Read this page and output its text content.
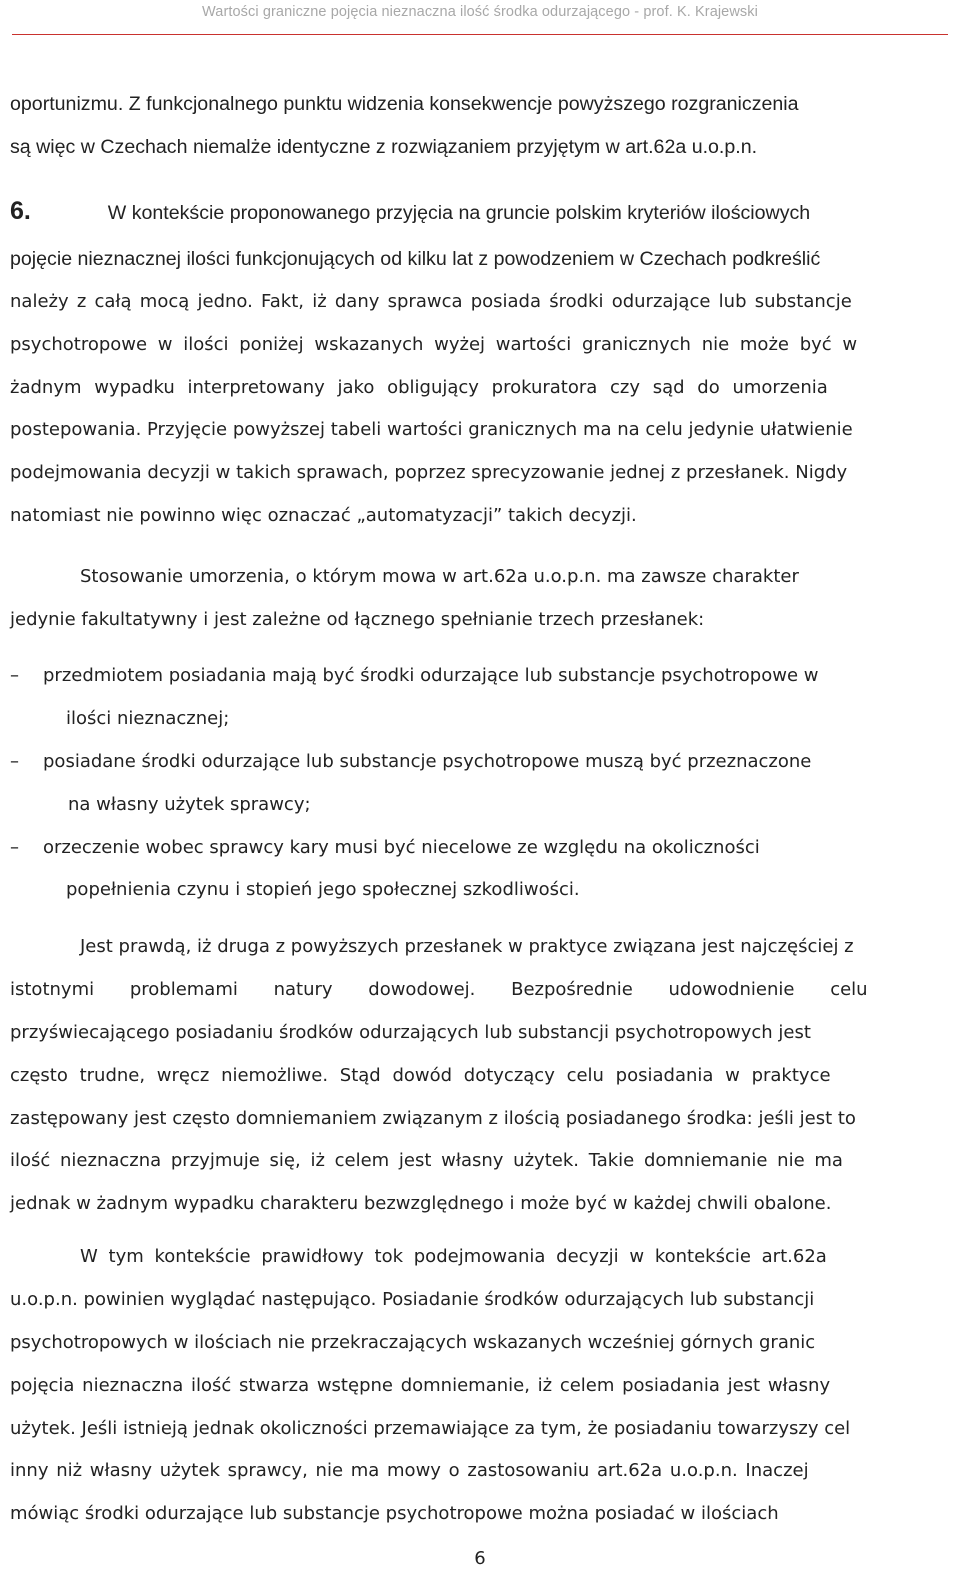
Wartości graniczne pojęcia nieznaczna ilość środka odurzającego - prof. K. Krajewski
oportunizmu. Z funkcjonalnego punktu widzenia konsekwencje powyższego rozgraniczenia
są więc w Czechach niemalże identyczne z rozwiązaniem przyjętym w art.62a u.o.p.n.
6.	W kontekście proponowanego przyjęcia na gruncie polskim kryteriów ilościowych
pojęcie nieznacznej ilości funkcjonujących od kilku lat z powodzeniem w Czechach podkreślić
należy z całą mocą jedno. Fakt, iż dany sprawca posiada środki odurzające lub substancje
psychotropowe w ilości poniżej wskazanych wyżej wartości granicznych nie może być w
żadnym wypadku interpretowany jako obligujący prokuratora czy sąd do umorzenia
postepowania. Przyjęcie powyższej tabeli wartości granicznych ma na celu jedynie ułatwienie
podejmowania decyzji w takich sprawach, poprzez sprecyzowanie jednej z przesłanek. Nigdy
natomiast nie powinno więc oznaczać „automatyzacji” takich decyzji.
Stosowanie umorzenia, o którym mowa w art.62a u.o.p.n. ma zawsze charakter
jedynie fakultatywny i jest zależne od łącznego spełnianie trzech przesłanek:
– przedmiotem posiadania mają być środki odurzające lub substancje psychotropowe w
ilości nieznacznej;
– posiadane środki odurzające lub substancje psychotropowe muszą być przeznaczone
na własny użytek sprawcy;
– orzeczenie wobec sprawcy kary musi być niecelowe ze względu na okoliczności
popełnienia czynu i stopień jego społecznej szkodliwości.
Jest prawdą, iż druga z powyższych przesłanek w praktyce związana jest najczęściej z
istotnymi problemami natury dowodowej. Bezpośrednie udowodnienie celu
przyświecającego posiadaniu środków odurzających lub substancji psychotropowych jest
często trudne, wręcz niemożliwe. Stąd dowód dotyczący celu posiadania w praktyce
zastępowany jest często domniemaniem związanym z ilością posiadanego środka: jeśli jest to
ilość nieznaczna przyjmuje się, iż celem jest własny użytek. Takie domniemanie nie ma
jednak w żadnym wypadku charakteru bezwzględnego i może być w każdej chwili obalone.
W tym kontekście prawidłowy tok podejmowania decyzji w kontekście art.62a
u.o.p.n. powinien wyglądać następująco. Posiadanie środków odurzających lub substancji
psychotropowych w ilościach nie przekraczających wskazanych wcześniej górnych granic
pojęcia nieznaczna ilość stwarza wstępne domniemanie, iż celem posiadania jest własny
użytek. Jeśli istnieją jednak okoliczności przemawiające za tym, że posiadaniu towarzyszy cel
inny niż własny użytek sprawcy, nie ma mowy o zastosowaniu art.62a u.o.p.n. Inaczej
mówiąc środki odurzające lub substancje psychotropowe można posiadać w ilościach
6
